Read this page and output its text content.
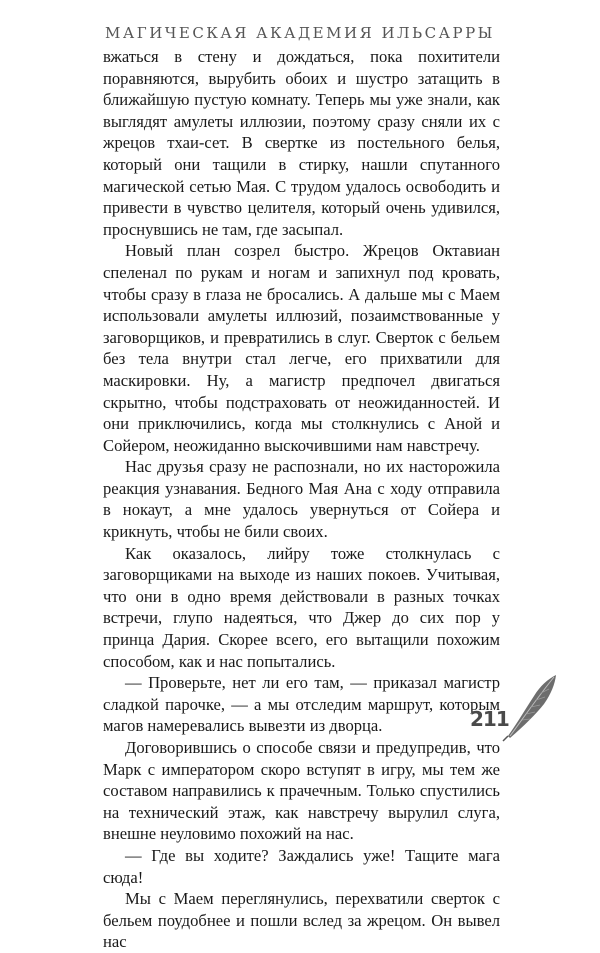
МАГИЧЕСКАЯ АКАДЕМИЯ ИЛЬСАРРЫ

вжаться в стену и дождаться, пока похитители поравняются, вырубить обоих и шустро затащить в ближайшую пустую комнату. Теперь мы уже знали, как выглядят амулеты иллюзии, поэтому сразу сняли их с жрецов тхаи-сет. В свертке из постельного белья, который они тащили в стирку, нашли спутанного магической сетью Мая. С трудом удалось освободить и привести в чувство целителя, который очень удивился, проснувшись не там, где засыпал.

Новый план созрел быстро. Жрецов Октавиан спеленал по рукам и ногам и запихнул под кровать, чтобы сразу в глаза не бросались. А дальше мы с Маем использовали амулеты иллюзий, позаимствованные у заговорщиков, и превратились в слуг. Сверток с бельем без тела внутри стал легче, его прихватили для маскировки. Ну, а магистр предпочел двигаться скрытно, чтобы подстраховать от неожиданностей. И они приключились, когда мы столкнулись с Аной и Сойером, неожиданно выскочившими нам навстречу.

Нас друзья сразу не распознали, но их насторожила реакция узнавания. Бедного Мая Ана с ходу отправила в нокаут, а мне удалось увернуться от Сойера и крикнуть, чтобы не били своих.

Как оказалось, лийру тоже столкнулась с заговорщиками на выходе из наших покоев. Учитывая, что они в одно время действовали в разных точках встречи, глупо надеяться, что Джер до сих пор у принца Дария. Скорее всего, его вытащили похожим способом, как и нас попытались.

— Проверьте, нет ли его там, — приказал магистр сладкой парочке, — а мы отследим маршрут, которым магов намеревались вывезти из дворца.

Договорившись о способе связи и предупредив, что Марк с императором скоро вступят в игру, мы тем же составом направились к прачечным. Только спустились на технический этаж, как навстречу вырулил слуга, внешне неуловимо похожий на нас.

— Где вы ходите? Заждались уже! Тащите мага сюда!

Мы с Маем переглянулись, перехватили сверток с бельем поудобнее и пошли вслед за жрецом. Он вывел нас

211
